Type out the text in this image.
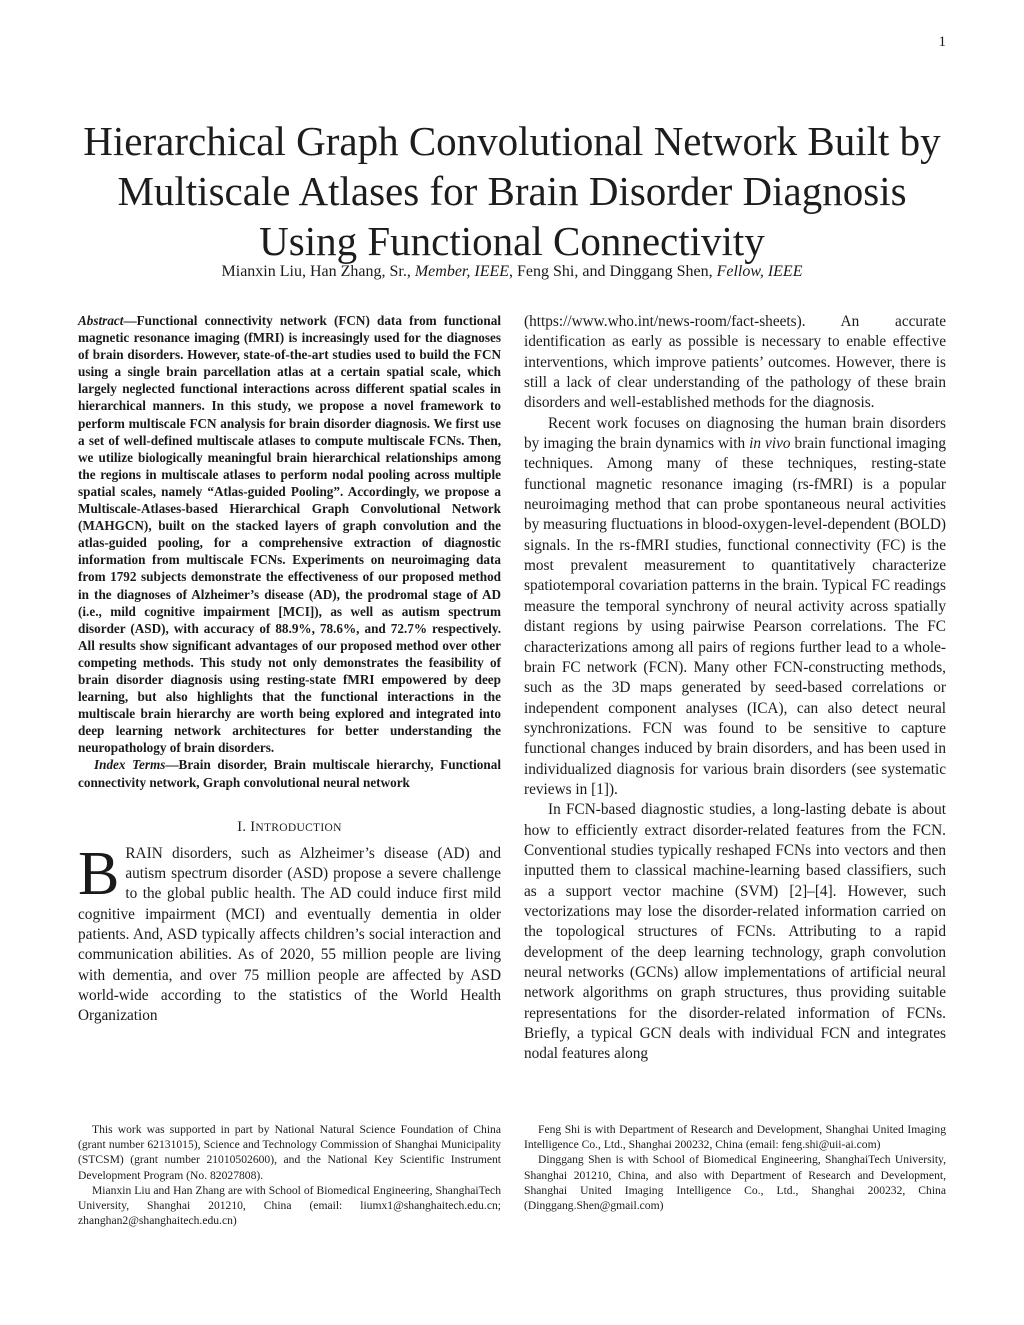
1
Hierarchical Graph Convolutional Network Built by
Multiscale Atlases for Brain Disorder Diagnosis
Using Functional Connectivity
Mianxin Liu, Han Zhang, Sr., Member, IEEE, Feng Shi, and Dinggang Shen, Fellow, IEEE

Abstract—Functional connectivity network (FCN) data from functional magnetic resonance imaging (fMRI) is increasingly used for the diagnoses of brain disorders. However, state-of-the-art studies used to build the FCN using a single brain parcellation atlas at a certain spatial scale, which largely neglected functional interactions across different spatial scales in hierarchical manners. In this study, we propose a novel framework to perform multiscale FCN analysis for brain disorder diagnosis. We first use a set of well-defined multiscale atlases to compute multiscale FCNs. Then, we utilize biologically meaningful brain hierarchical relationships among the regions in multiscale atlases to perform nodal pooling across multiple spatial scales, namely “Atlas-guided Pooling”. Accordingly, we propose a Multiscale-Atlases-based Hierarchical Graph Convolutional Network (MAHGCN), built on the stacked layers of graph convolution and the atlas-guided pooling, for a comprehensive extraction of diagnostic information from multiscale FCNs. Experiments on neuroimaging data from 1792 subjects demonstrate the effectiveness of our proposed method in the diagnoses of Alzheimer’s disease (AD), the prodromal stage of AD (i.e., mild cognitive impairment [MCI]), as well as autism spectrum disorder (ASD), with accuracy of 88.9%, 78.6%, and 72.7% respectively. All results show significant advantages of our proposed method over other competing methods. This study not only demonstrates the feasibility of brain disorder diagnosis using resting-state fMRI empowered by deep learning, but also highlights that the functional interactions in the multiscale brain hierarchy are worth being explored and integrated into deep learning network architectures for better understanding the neuropathology of brain disorders.

Index Terms—Brain disorder, Brain multiscale hierarchy, Functional connectivity network, Graph convolutional neural network

I. INTRODUCTION

BRAIN disorders, such as Alzheimer’s disease (AD) and autism spectrum disorder (ASD) propose a severe challenge to the global public health. The AD could induce first mild cognitive impairment (MCI) and eventually dementia in older patients. And, ASD typically affects children’s social interaction and communication abilities. As of 2020, 55 million people are living with dementia, and over 75 million people are affected by ASD world-wide according to the statistics of the World Health Organization

(https://www.who.int/news-room/fact-sheets). An accurate identification as early as possible is necessary to enable effective interventions, which improve patients’ outcomes. However, there is still a lack of clear understanding of the pathology of these brain disorders and well-established methods for the diagnosis.

Recent work focuses on diagnosing the human brain disorders by imaging the brain dynamics with in vivo brain functional imaging techniques. Among many of these techniques, resting-state functional magnetic resonance imaging (rs-fMRI) is a popular neuroimaging method that can probe spontaneous neural activities by measuring fluctuations in blood-oxygen-level-dependent (BOLD) signals. In the rs-fMRI studies, functional connectivity (FC) is the most prevalent measurement to quantitatively characterize spatiotemporal covariation patterns in the brain. Typical FC readings measure the temporal synchrony of neural activity across spatially distant regions by using pairwise Pearson correlations. The FC characterizations among all pairs of regions further lead to a whole-brain FC network (FCN). Many other FCN-constructing methods, such as the 3D maps generated by seed-based correlations or independent component analyses (ICA), can also detect neural synchronizations. FCN was found to be sensitive to capture functional changes induced by brain disorders, and has been used in individualized diagnosis for various brain disorders (see systematic reviews in [1]).

In FCN-based diagnostic studies, a long-lasting debate is about how to efficiently extract disorder-related features from the FCN. Conventional studies typically reshaped FCNs into vectors and then inputted them to classical machine-learning based classifiers, such as a support vector machine (SVM) [2]–[4]. However, such vectorizations may lose the disorder-related information carried on the topological structures of FCNs. Attributing to a rapid development of the deep learning technology, graph convolution neural networks (GCNs) allow implementations of artificial neural network algorithms on graph structures, thus providing suitable representations for the disorder-related information of FCNs. Briefly, a typical GCN deals with individual FCN and integrates nodal features along

This work was supported in part by National Natural Science Foundation of China (grant number 62131015), Science and Technology Commission of Shanghai Municipality (STCSM) (grant number 21010502600), and the National Key Scientific Instrument Development Program (No. 82027808).

Mianxin Liu and Han Zhang are with School of Biomedical Engineering, ShanghaiTech University, Shanghai 201210, China (email: liumx1@shanghaitech.edu.cn; zhanghan2@shanghaitech.edu.cn)

Feng Shi is with Department of Research and Development, Shanghai United Imaging Intelligence Co., Ltd., Shanghai 200232, China (email: feng.shi@uii-ai.com)

Dinggang Shen is with School of Biomedical Engineering, ShanghaiTech University, Shanghai 201210, China, and also with Department of Research and Development, Shanghai United Imaging Intelligence Co., Ltd., Shanghai 200232, China (Dinggang.Shen@gmail.com)
